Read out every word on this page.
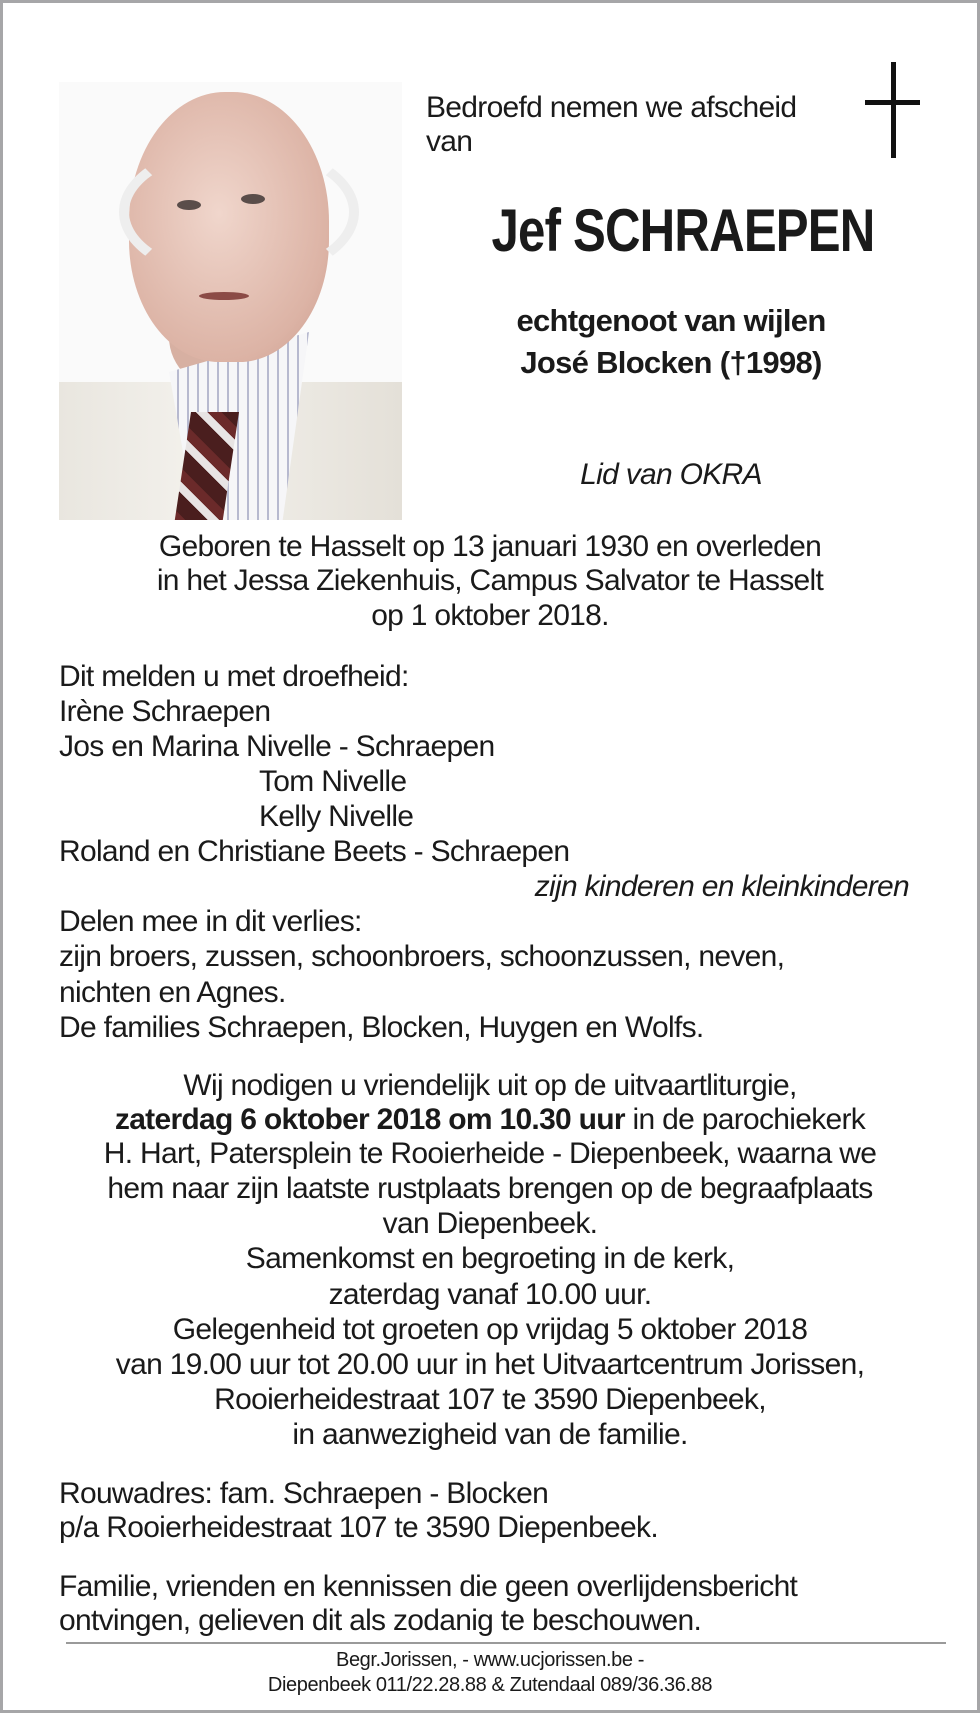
Bedroefd nemen we afscheid
van
Jef SCHRAEPEN
echtgenoot van wijlen
José Blocken (†1998)
Lid van OKRA
Geboren te Hasselt op 13 januari 1930 en overleden
in het Jessa Ziekenhuis, Campus Salvator te Hasselt
op 1 oktober 2018.
Dit melden u met droefheid:
Irène Schraepen
Jos en Marina Nivelle - Schraepen
Tom Nivelle
Kelly Nivelle
Roland en Christiane Beets - Schraepen
zijn kinderen en kleinkinderen
Delen mee in dit verlies:
zijn broers, zussen, schoonbroers, schoonzussen, neven,
nichten en Agnes.
De families Schraepen, Blocken, Huygen en Wolfs.
Wij nodigen u vriendelijk uit op de uitvaartliturgie,
zaterdag 6 oktober 2018 om 10.30 uur in de parochiekerk
H. Hart, Patersplein te Rooierheide - Diepenbeek, waarna we
hem naar zijn laatste rustplaats brengen op de begraafplaats
van Diepenbeek.
Samenkomst en begroeting in de kerk,
zaterdag vanaf 10.00 uur.
Gelegenheid tot groeten op vrijdag 5 oktober 2018
van 19.00 uur tot 20.00 uur in het Uitvaartcentrum Jorissen,
Rooierheidestraat 107 te 3590 Diepenbeek,
in aanwezigheid van de familie.
Rouwadres: fam. Schraepen - Blocken
p/a Rooierheidestraat 107 te 3590 Diepenbeek.
Familie, vrienden en kennissen die geen overlijdensbericht
ontvingen, gelieven dit als zodanig te beschouwen.
Begr.Jorissen, - www.ucjorissen.be -
Diepenbeek 011/22.28.88 & Zutendaal 089/36.36.88
